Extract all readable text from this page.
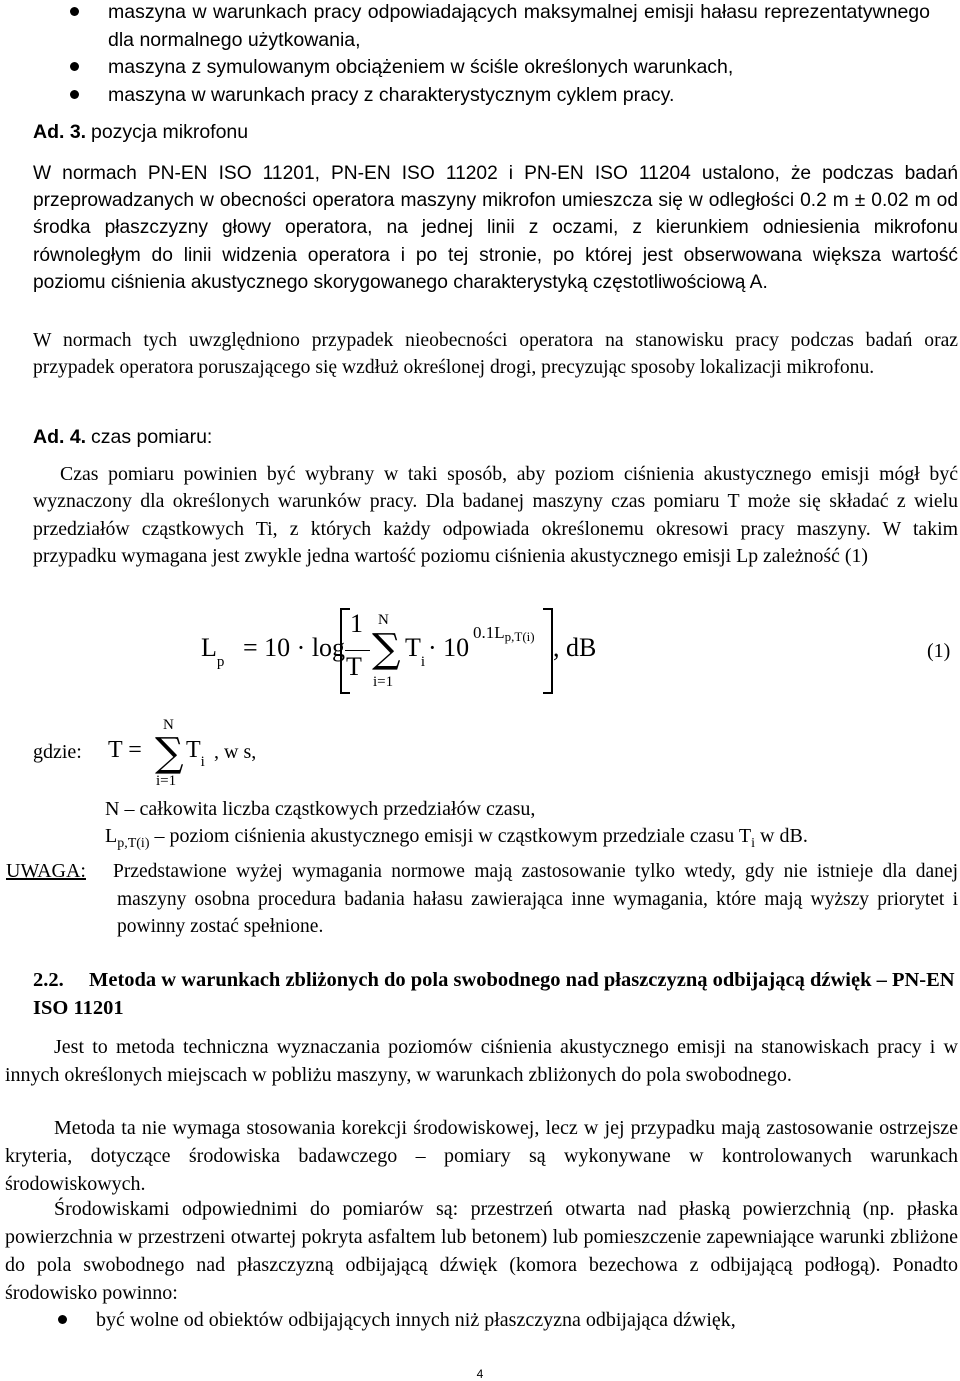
maszyna w warunkach pracy odpowiadających maksymalnej emisji hałasu reprezentatywnego dla normalnego użytkowania,
maszyna z symulowanym obciążeniem w ściśle określonych warunkach,
maszyna w warunkach pracy z charakterystycznym cyklem pracy.
Ad. 3. pozycja mikrofonu

W normach PN-EN ISO 11201, PN-EN ISO 11202 i PN-EN ISO 11204 ustalono, że podczas badań przeprowadzanych w obecności operatora maszyny mikrofon umieszcza się w odległości 0.2 m ± 0.02 m od środka płaszczyzny głowy operatora, na jednej linii z oczami, z kierunkiem odniesienia mikrofonu równoległym do linii widzenia operatora i po tej stronie, po której jest obserwowana większa wartość poziomu ciśnienia akustycznego skorygowanego charakterystyką częstotliwościową A.

W normach tych uwzględniono przypadek nieobecności operatora na stanowisku pracy podczas badań oraz przypadek operatora poruszającego się wzdłuż określonej drogi, precyzując sposoby lokalizacji mikrofonu.

Ad. 4. czas pomiaru:

Czas pomiaru powinien być wybrany w taki sposób, aby poziom ciśnienia akustycznego emisji mógł być wyznaczony dla określonych warunków pracy. Dla badanej maszyny czas pomiaru T może się składać z wielu przedziałów cząstkowych Ti, z których każdy odpowiada określonemu okresowi pracy maszyny. W takim przypadku wymagana jest zwykle jedna wartość poziomu ciśnienia akustycznego emisji Lp zależność (1)

$L_p$
= 10 · log
1
T
N
∑
i=1
$T_i$
· 10
0.1Lp,T(i) , dB	(1)
gdzie: T =
N
∑
i=1
$T_i$ , w s,
N – całkowita liczba cząstkowych przedziałów czasu,
$L_{p,T(i)}$ – poziom ciśnienia akustycznego emisji w cząstkowym przedziale czasu $T_i$ w dB.
UWAGA: Przedstawione wyżej wymagania normowe mają zastosowanie tylko wtedy, gdy nie istnieje dla danej maszyny osobna procedura badania hałasu zawierająca inne wymagania, które mają wyższy priorytet i powinny zostać spełnione.

2.2. Metoda w warunkach zbliżonych do pola swobodnego nad płaszczyzną odbijającą dźwięk – PN-EN ISO 11201

Jest to metoda techniczna wyznaczania poziomów ciśnienia akustycznego emisji na stanowiskach pracy i w innych określonych miejscach w pobliżu maszyny, w warunkach zbliżonych do pola swobodnego.

Metoda ta nie wymaga stosowania korekcji środowiskowej, lecz w jej przypadku mają zastosowanie ostrzejsze kryteria, dotyczące środowiska badawczego – pomiary są wykonywane w kontrolowanych warunkach środowiskowych.

Środowiskami odpowiednimi do pomiarów są: przestrzeń otwarta nad płaską powierzchnią (np. płaska powierzchnia w przestrzeni otwartej pokryta asfaltem lub betonem) lub pomieszczenie zapewniające warunki zbliżone do pola swobodnego nad płaszczyzną odbijającą dźwięk (komora bezechowa z odbijającą podłogą). Ponadto środowisko powinno:

być wolne od obiektów odbijających innych niż płaszczyzna odbijająca dźwięk,
4
